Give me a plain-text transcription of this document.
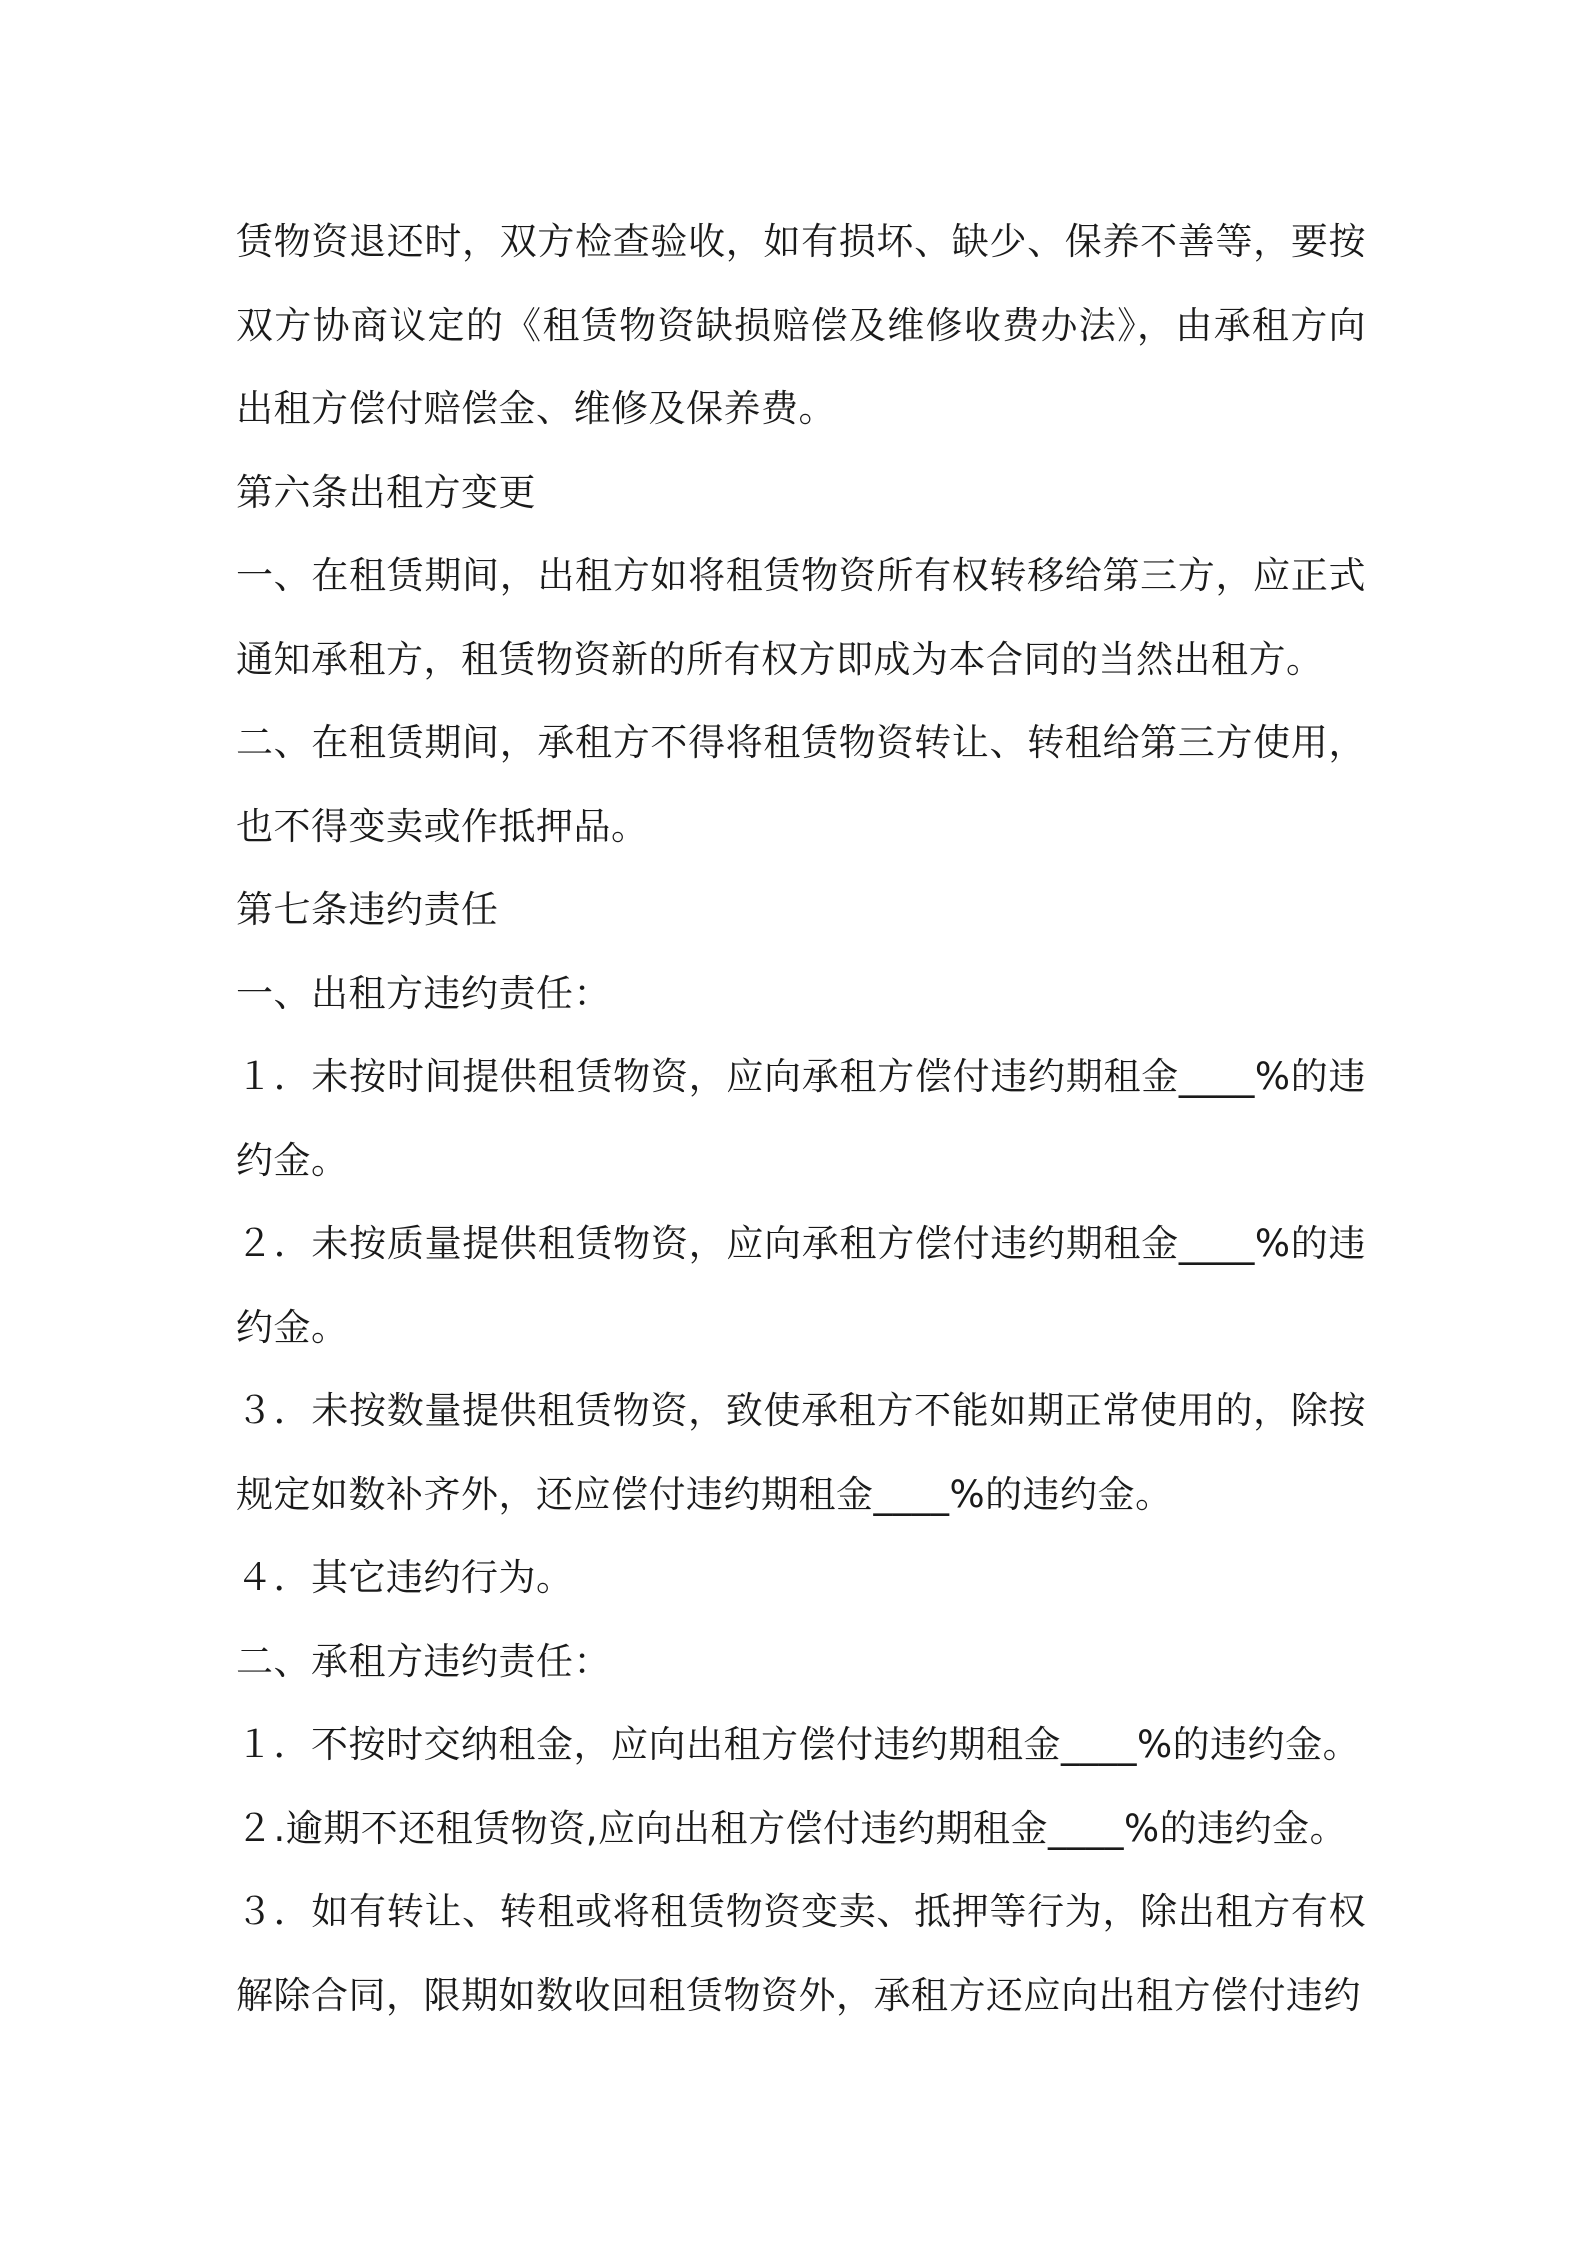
赁物资退还时，双方检查验收，如有损坏、缺少、保养不善等，要按双方协商议定的《租赁物资缺损赔偿及维修收费办法》，由承租方向出租方偿付赔偿金、维修及保养费。

第六条出租方变更

一、在租赁期间，出租方如将租赁物资所有权转移给第三方，应正式通知承租方，租赁物资新的所有权方即成为本合同的当然出租方。

二、在租赁期间，承租方不得将租赁物资转让、转租给第三方使用，也不得变卖或作抵押品。

第七条违约责任

一、出租方违约责任：

１．未按时间提供租赁物资，应向承租方偿付违约期租金____%的违约金。

２．未按质量提供租赁物资，应向承租方偿付违约期租金____%的违约金。

３．未按数量提供租赁物资，致使承租方不能如期正常使用的，除按规定如数补齐外，还应偿付违约期租金____%的违约金。

４．其它违约行为。

二、承租方违约责任：

１．不按时交纳租金，应向出租方偿付违约期租金____%的违约金。

２.逾期不还租赁物资,应向出租方偿付违约期租金____%的违约金。

３．如有转让、转租或将租赁物资变卖、抵押等行为，除出租方有权解除合同，限期如数收回租赁物资外，承租方还应向出租方偿付违约
